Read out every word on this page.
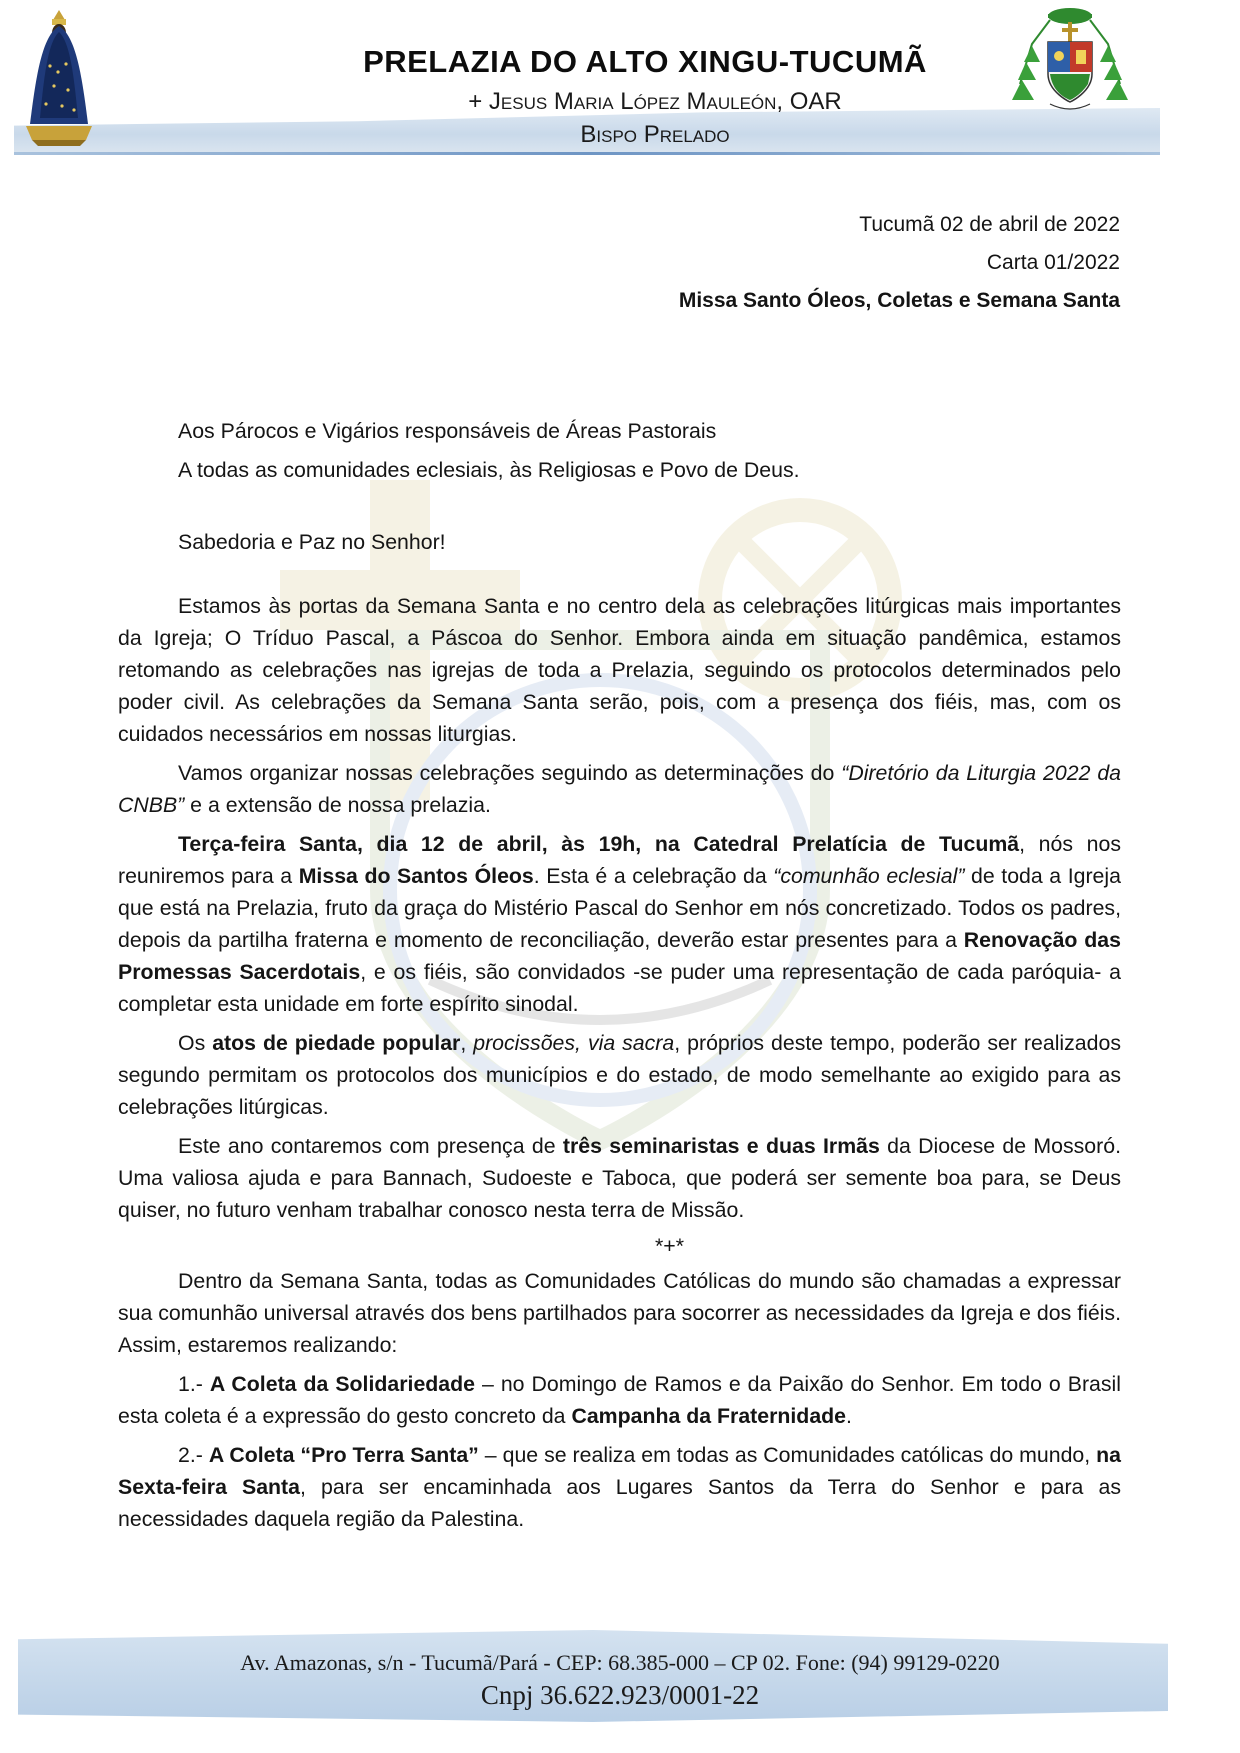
PRELAZIA DO ALTO XINGU-TUCUMÃ
+ Jesus Maria López Mauleón, OAR
Bispo Prelado
Tucumã 02 de abril de 2022
Carta 01/2022
Missa Santo Óleos, Coletas e Semana Santa
Aos Párocos e Vigários responsáveis de Áreas Pastorais
A todas as comunidades eclesiais, às Religiosas e Povo de Deus.
Sabedoria e Paz no Senhor!

Estamos às portas da Semana Santa e no centro dela as celebrações litúrgicas mais importantes da Igreja; O Tríduo Pascal, a Páscoa do Senhor. Embora ainda em situação pandêmica, estamos retomando as celebrações nas igrejas de toda a Prelazia, seguindo os protocolos determinados pelo poder civil. As celebrações da Semana Santa serão, pois, com a presença dos fiéis, mas, com os cuidados necessários em nossas liturgias.

Vamos organizar nossas celebrações seguindo as determinações do “Diretório da Liturgia 2022 da CNBB” e a extensão de nossa prelazia.

Terça-feira Santa, dia 12 de abril, às 19h, na Catedral Prelatícia de Tucumã, nós nos reuniremos para a Missa do Santos Óleos. Esta é a celebração da “comunhão eclesial” de toda a Igreja que está na Prelazia, fruto da graça do Mistério Pascal do Senhor em nós concretizado. Todos os padres, depois da partilha fraterna e momento de reconciliação, deverão estar presentes para a Renovação das Promessas Sacerdotais, e os fiéis, são convidados -se puder uma representação de cada paróquia- a completar esta unidade em forte espírito sinodal.

Os atos de piedade popular, procissões, via sacra, próprios deste tempo, poderão ser realizados segundo permitam os protocolos dos municípios e do estado, de modo semelhante ao exigido para as celebrações litúrgicas.

Este ano contaremos com presença de três seminaristas e duas Irmãs da Diocese de Mossoró. Uma valiosa ajuda e para Bannach, Sudoeste e Taboca, que poderá ser semente boa para, se Deus quiser, no futuro venham trabalhar conosco nesta terra de Missão.

*+*

Dentro da Semana Santa, todas as Comunidades Católicas do mundo são chamadas a expressar sua comunhão universal através dos bens partilhados para socorrer as necessidades da Igreja e dos fiéis. Assim, estaremos realizando:

1.- A Coleta da Solidariedade – no Domingo de Ramos e da Paixão do Senhor. Em todo o Brasil esta coleta é a expressão do gesto concreto da Campanha da Fraternidade.

2.- A Coleta “Pro Terra Santa” – que se realiza em todas as Comunidades católicas do mundo, na Sexta-feira Santa, para ser encaminhada aos Lugares Santos da Terra do Senhor e para as necessidades daquela região da Palestina.

Av. Amazonas, s/n - Tucumã/Pará - CEP: 68.385-000 – CP 02. Fone: (94) 99129-0220
Cnpj 36.622.923/0001-22
